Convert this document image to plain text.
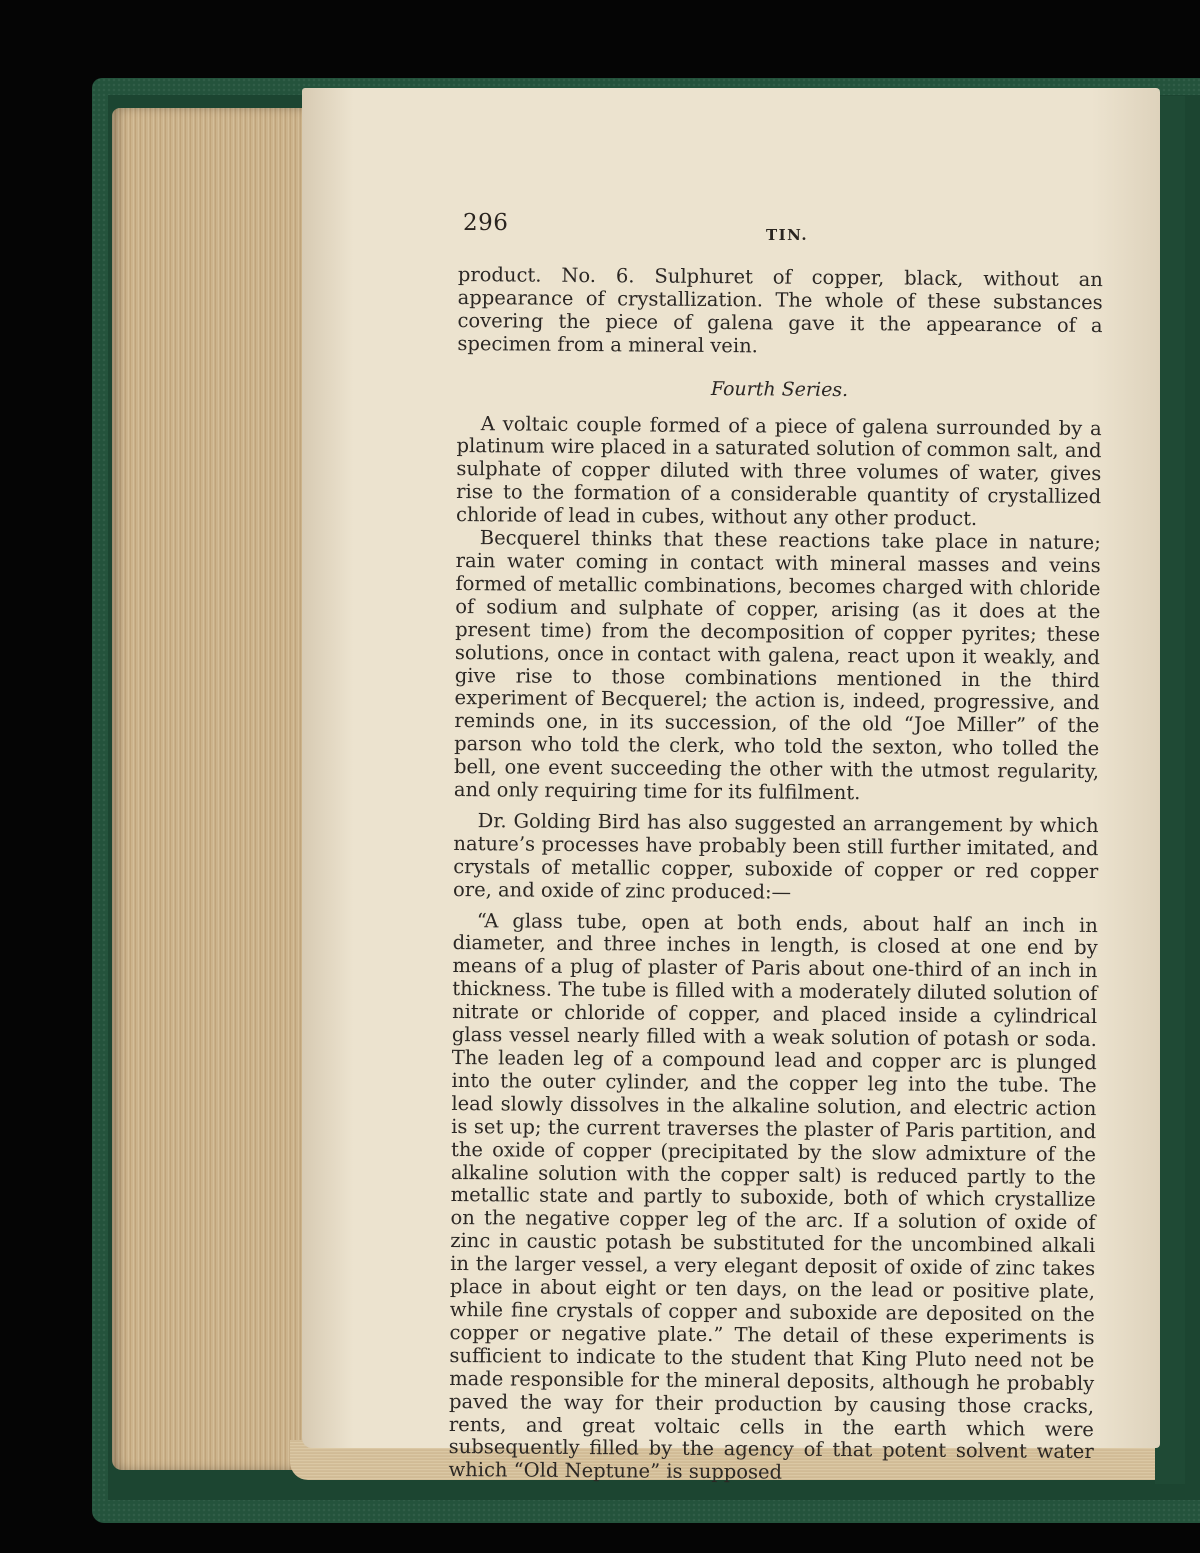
296	TIN.

product. No. 6. Sulphuret of copper, black, without an appearance of crystallization. The whole of these substances covering the piece of galena gave it the appearance of a specimen from a mineral vein.

Fourth Series.

A voltaic couple formed of a piece of galena surrounded by a platinum wire placed in a saturated solution of common salt, and sulphate of copper diluted with three volumes of water, gives rise to the formation of a considerable quantity of crystallized chloride of lead in cubes, without any other product.

Becquerel thinks that these reactions take place in nature; rain water coming in contact with mineral masses and veins formed of metallic combinations, becomes charged with chloride of sodium and sulphate of copper, arising (as it does at the present time) from the decomposition of copper pyrites; these solutions, once in contact with galena, react upon it weakly, and give rise to those combinations mentioned in the third experiment of Becquerel; the action is, indeed, progressive, and reminds one, in its succession, of the old “Joe Miller” of the parson who told the clerk, who told the sexton, who tolled the bell, one event succeeding the other with the utmost regularity, and only requiring time for its fulfilment.

Dr. Golding Bird has also suggested an arrangement by which nature’s processes have probably been still further imitated, and crystals of metallic copper, suboxide of copper or red copper ore, and oxide of zinc produced:—

“A glass tube, open at both ends, about half an inch in diameter, and three inches in length, is closed at one end by means of a plug of plaster of Paris about one-third of an inch in thickness. The tube is filled with a moderately diluted solution of nitrate or chloride of copper, and placed inside a cylindrical glass vessel nearly filled with a weak solution of potash or soda. The leaden leg of a compound lead and copper arc is plunged into the outer cylinder, and the copper leg into the tube. The lead slowly dissolves in the alkaline solution, and electric action is set up; the current traverses the plaster of Paris partition, and the oxide of copper (precipitated by the slow admixture of the alkaline solution with the copper salt) is reduced partly to the metallic state and partly to suboxide, both of which crystallize on the negative copper leg of the arc. If a solution of oxide of zinc in caustic potash be substituted for the uncombined alkali in the larger vessel, a very elegant deposit of oxide of zinc takes place in about eight or ten days, on the lead or positive plate, while fine crystals of copper and suboxide are deposited on the copper or negative plate.” The detail of these experiments is sufficient to indicate to the student that King Pluto need not be made responsible for the mineral deposits, although he probably paved the way for their production by causing those cracks, rents, and great voltaic cells in the earth which were subsequently filled by the agency of that potent solvent water which “Old Neptune” is supposed
